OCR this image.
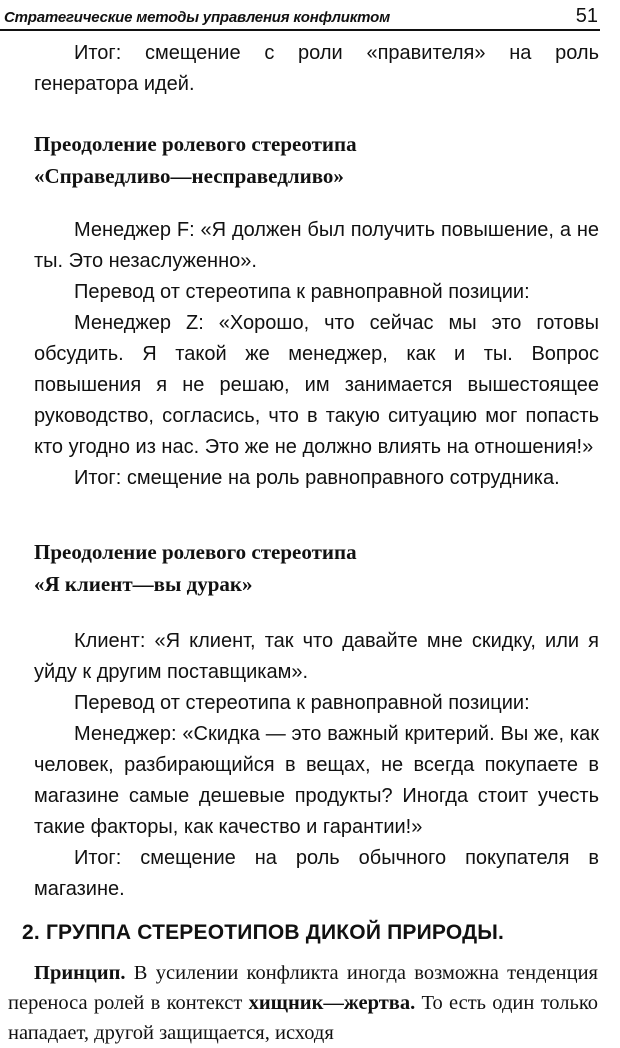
Стратегические методы управления конфликтом	51

Итог: смещение с роли «правителя» на роль генератора идей.

Преодоление ролевого стереотипа
«Справедливо—несправедливо»

Менеджер F: «Я должен был получить повышение, а не ты. Это незаслуженно».

Перевод от стереотипа к равноправной позиции:

Менеджер Z: «Хорошо, что сейчас мы это готовы обсудить. Я такой же менеджер, как и ты. Вопрос повышения я не решаю, им занимается вышестоящее руководство, согласись, что в такую ситуацию мог попасть кто угодно из нас. Это же не должно влиять на отношения!»

Итог: смещение на роль равноправного сотрудника.

Преодоление ролевого стереотипа
«Я клиент—вы дурак»

Клиент: «Я клиент, так что давайте мне скидку, или я уйду к другим поставщикам».

Перевод от стереотипа к равноправной позиции:

Менеджер: «Скидка — это важный критерий. Вы же, как человек, разбирающийся в вещах, не всегда покупаете в магазине самые дешевые продукты? Иногда стоит учесть такие факторы, как качество и гарантии!»

Итог: смещение на роль обычного покупателя в магазине.

2. ГРУППА СТЕРЕОТИПОВ ДИКОЙ ПРИРОДЫ.

Принцип. В усилении конфликта иногда возможна тенденция переноса ролей в контекст хищник—жертва. То есть один только нападает, другой защищается, исходя
